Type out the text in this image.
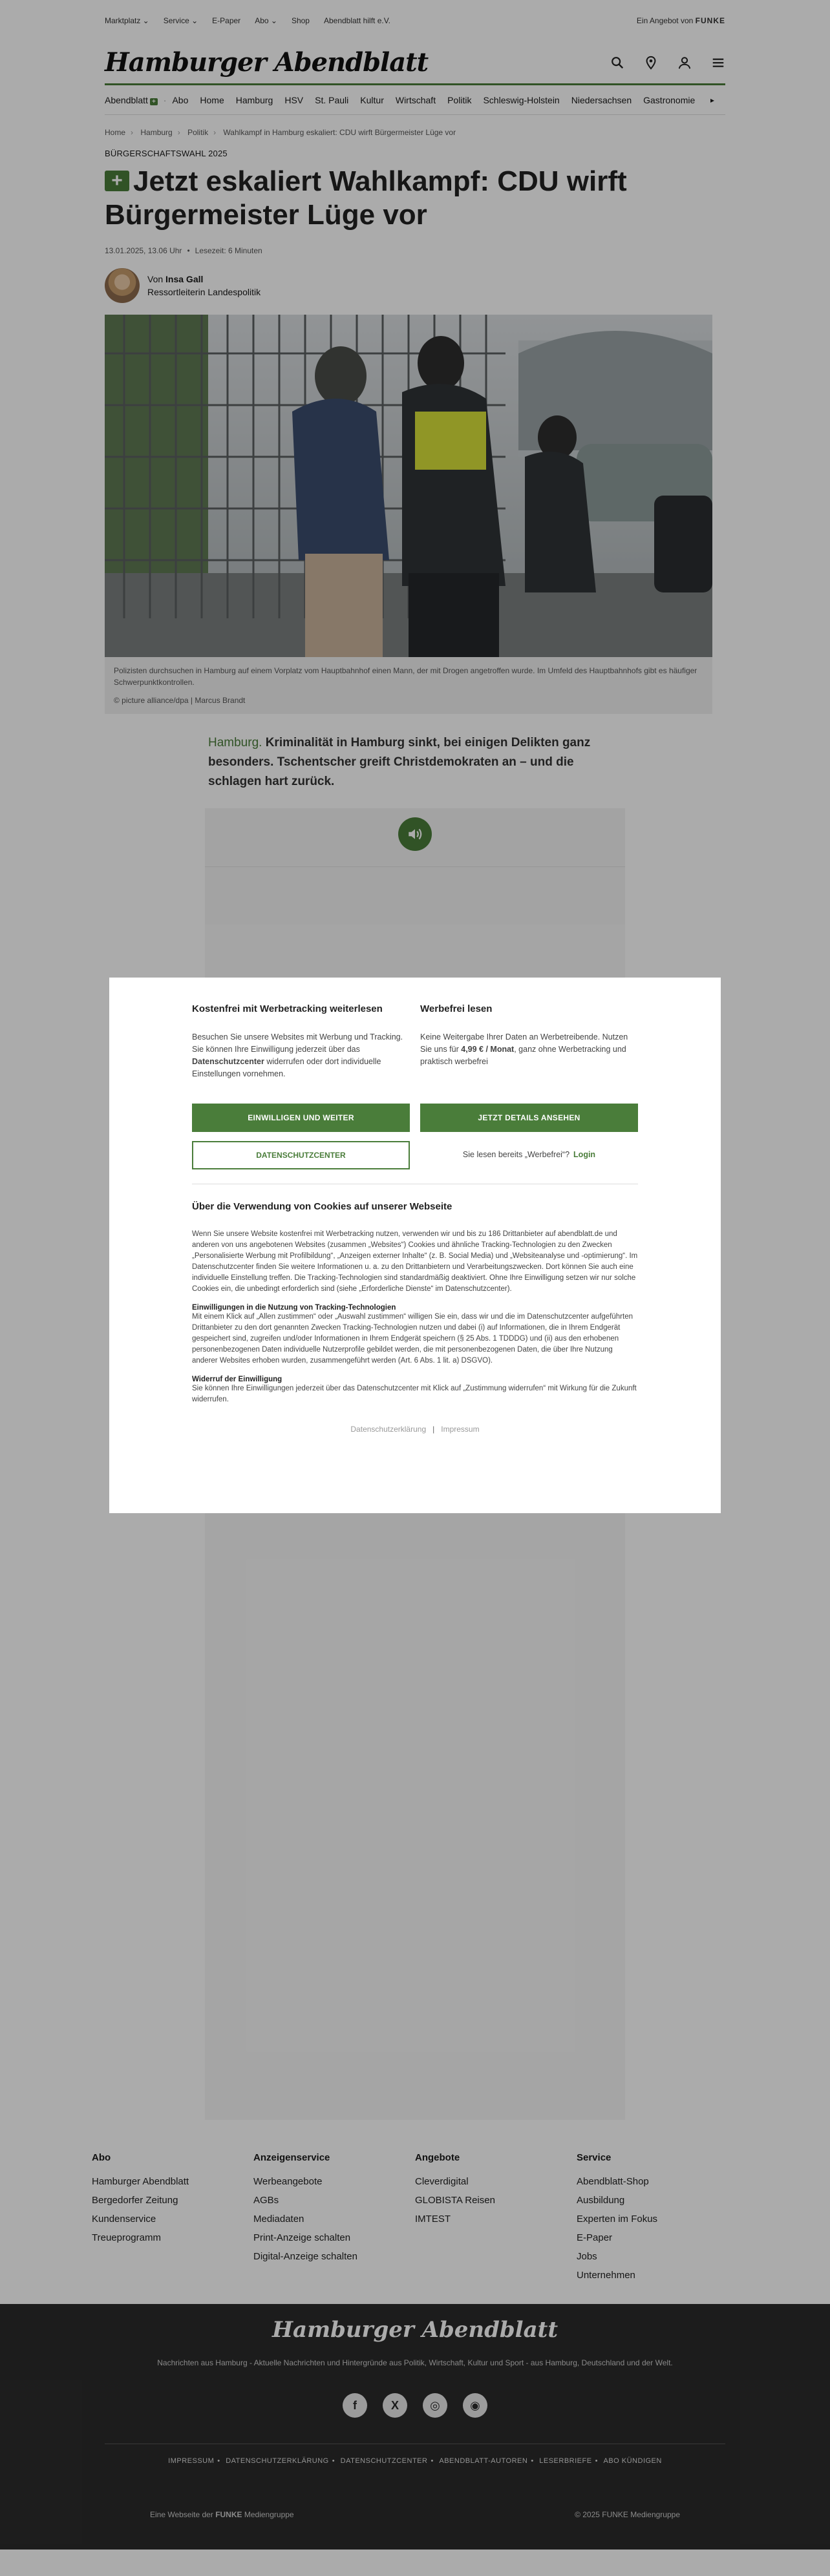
Marktplatz ⌄ Service ⌄ E-Paper Abo ⌄ Shop Abendblatt hilft e.V.	Ein Angebot von FUNKE
Hamburger Abendblatt
Abendblatt + · Abo	Home	Hamburg	HSV	St. Pauli	Kultur	Wirtschaft	Politik	Schleswig-Holstein	Niedersachsen	Gastronomie	▸
Home › Hamburg › Politik › Wahlkampf in Hamburg eskaliert: CDU wirft Bürgermeister Lüge vor
BÜRGERSCHAFTSWAHL 2025
+ Jetzt eskaliert Wahlkampf: CDU wirft Bürgermeister Lüge vor
13.01.2025, 13.06 Uhr • Lesezeit: 6 Minuten
Von Insa Gall
Ressortleiterin Landespolitik
Polizisten durchsuchen in Hamburg auf einem Vorplatz vom Hauptbahnhof einen Mann, der mit Drogen angetroffen wurde. Im Umfeld des Hauptbahnhofs gibt es häufiger Schwerpunktkontrollen.
© picture alliance/dpa | Marcus Brandt
Hamburg. Kriminalität in Hamburg sinkt, bei einigen Delikten ganz besonders. Tschentscher greift Christdemokraten an – und die schlagen hart zurück.
Abo
Hamburger Abendblatt
Bergedorfer Zeitung
Kundenservice
Treueprogramm
Anzeigenservice
Werbeangebote
AGBs
Mediadaten
Print-Anzeige schalten
Digital-Anzeige schalten
Angebote
Cleverdigital
GLOBISTA Reisen
IMTEST
Service
Abendblatt-Shop
Ausbildung
Experten im Fokus
E-Paper
Jobs
Unternehmen
Hamburger Abendblatt
Nachrichten aus Hamburg - Aktuelle Nachrichten und Hintergründe aus Politik, Wirtschaft, Kultur und Sport - aus Hamburg, Deutschland und der Welt.
f	X	◎	◉
IMPRESSUM • DATENSCHUTZERKLÄRUNG • DATENSCHUTZCENTER • ABENDBLATT-AUTOREN • LESERBRIEFE • ABO KÜNDIGEN
Eine Webseite der FUNKE Mediengruppe	© 2025 FUNKE Mediengruppe
Kostenfrei mit Werbetracking weiterlesen

Besuchen Sie unsere Websites mit Werbung und Tracking. Sie können Ihre Einwilligung jederzeit über das Datenschutzcenter widerrufen oder dort individuelle Einstellungen vornehmen.

EINWILLIGEN UND WEITER
DATENSCHUTZCENTER
Werbefrei lesen

Keine Weitergabe Ihrer Daten an Werbetreibende. Nutzen Sie uns für 4,99 € / Monat, ganz ohne Werbetracking und praktisch werbefrei

JETZT DETAILS ANSEHEN
Sie lesen bereits „Werbefrei“? Login
Über die Verwendung von Cookies auf unserer Webseite

Wenn Sie unsere Website kostenfrei mit Werbetracking nutzen, verwenden wir und bis zu 186 Drittanbieter auf abendblatt.de und anderen von uns angebotenen Websites (zusammen „Websites“) Cookies und ähnliche Tracking-Technologien zu den Zwecken „Personalisierte Werbung mit Profilbildung“, „Anzeigen externer Inhalte“ (z. B. Social Media) und „Websiteanalyse und -optimierung“. Im Datenschutzcenter finden Sie weitere Informationen u. a. zu den Drittanbietern und Verarbeitungszwecken. Dort können Sie auch eine individuelle Einstellung treffen. Die Tracking-Technologien sind standardmäßig deaktiviert. Ohne Ihre Einwilligung setzen wir nur solche Cookies ein, die unbedingt erforderlich sind (siehe „Erforderliche Dienste“ im Datenschutzcenter).

Einwilligungen in die Nutzung von Tracking-Technologien

Mit einem Klick auf „Allen zustimmen“ oder „Auswahl zustimmen“ willigen Sie ein, dass wir und die im Datenschutzcenter aufgeführten Drittanbieter zu den dort genannten Zwecken Tracking-Technologien nutzen und dabei (i) auf Informationen, die in Ihrem Endgerät gespeichert sind, zugreifen und/oder Informationen in Ihrem Endgerät speichern (§ 25 Abs. 1 TDDDG) und (ii) aus den erhobenen personenbezogenen Daten individuelle Nutzerprofile gebildet werden, die mit personenbezogenen Daten, die über Ihre Nutzung anderer Websites erhoben wurden, zusammengeführt werden (Art. 6 Abs. 1 lit. a) DSGVO).

Widerruf der Einwilligung

Sie können Ihre Einwilligungen jederzeit über das Datenschutzcenter mit Klick auf „Zustimmung widerrufen“ mit Wirkung für die Zukunft widerrufen.

Datenschutzerklärung | Impressum
